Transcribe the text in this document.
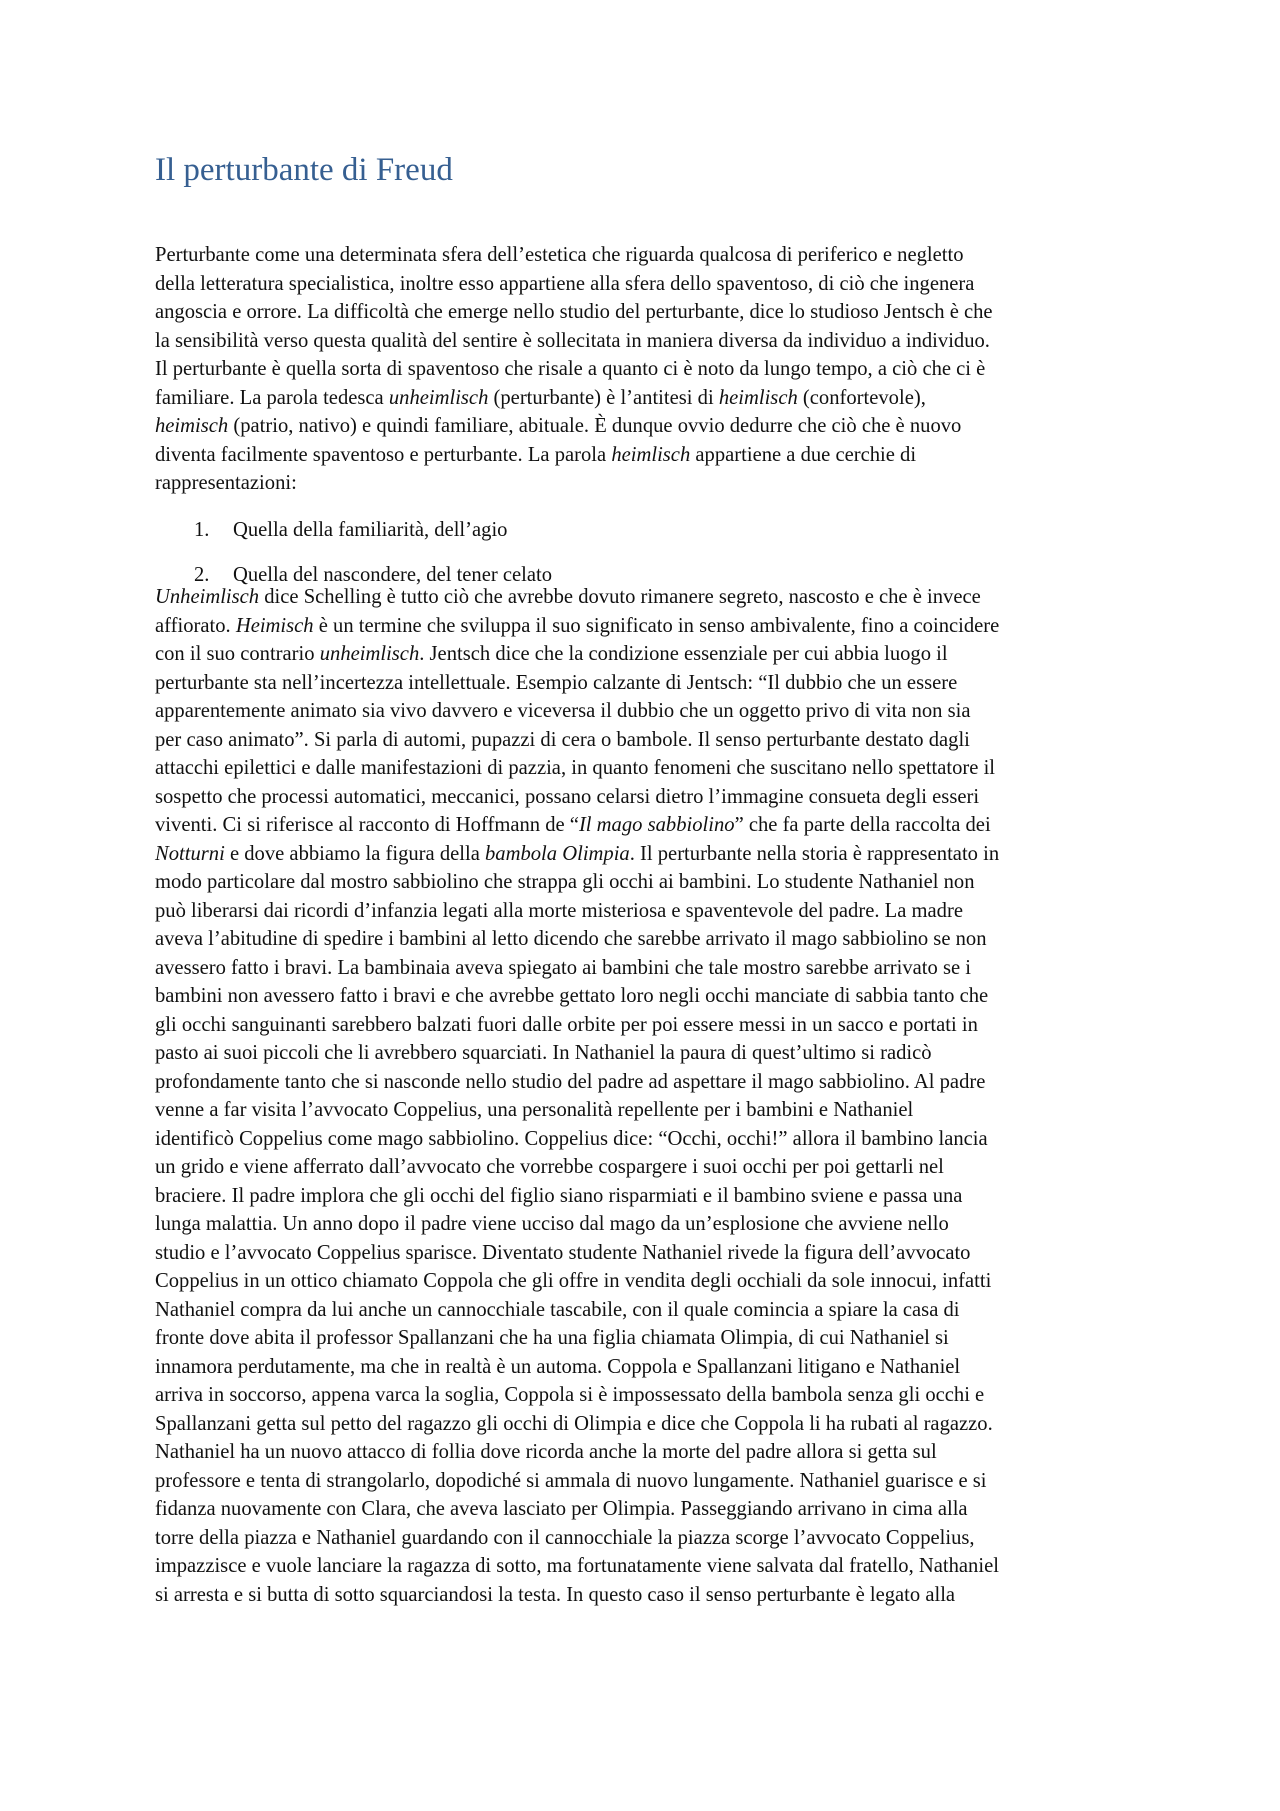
Il perturbante di Freud
Perturbante come una determinata sfera dell’estetica che riguarda qualcosa di periferico e negletto
della letteratura specialistica, inoltre esso appartiene alla sfera dello spaventoso, di ciò che ingenera
angoscia e orrore. La difficoltà che emerge nello studio del perturbante, dice lo studioso Jentsch è che
la sensibilità verso questa qualità del sentire è sollecitata in maniera diversa da individuo a individuo.
Il perturbante è quella sorta di spaventoso che risale a quanto ci è noto da lungo tempo, a ciò che ci è
familiare. La parola tedesca unheimlisch (perturbante) è l’antitesi di heimlisch (confortevole),
heimisch (patrio, nativo) e quindi familiare, abituale. È dunque ovvio dedurre che ciò che è nuovo
diventa facilmente spaventoso e perturbante. La parola heimlisch appartiene a due cerchie di
rappresentazioni:
1. Quella della familiarità, dell’agio
2. Quella del nascondere, del tener celato
Unheimlisch dice Schelling è tutto ciò che avrebbe dovuto rimanere segreto, nascosto e che è invece
affiorato. Heimisch è un termine che sviluppa il suo significato in senso ambivalente, fino a coincidere
con il suo contrario unheimlisch. Jentsch dice che la condizione essenziale per cui abbia luogo il
perturbante sta nell’incertezza intellettuale. Esempio calzante di Jentsch: “Il dubbio che un essere
apparentemente animato sia vivo davvero e viceversa il dubbio che un oggetto privo di vita non sia
per caso animato”. Si parla di automi, pupazzi di cera o bambole. Il senso perturbante destato dagli
attacchi epilettici e dalle manifestazioni di pazzia, in quanto fenomeni che suscitano nello spettatore il
sospetto che processi automatici, meccanici, possano celarsi dietro l’immagine consueta degli esseri
viventi. Ci si riferisce al racconto di Hoffmann de “Il mago sabbiolino” che fa parte della raccolta dei
Notturni e dove abbiamo la figura della bambola Olimpia. Il perturbante nella storia è rappresentato in
modo particolare dal mostro sabbiolino che strappa gli occhi ai bambini. Lo studente Nathaniel non
può liberarsi dai ricordi d’infanzia legati alla morte misteriosa e spaventevole del padre. La madre
aveva l’abitudine di spedire i bambini al letto dicendo che sarebbe arrivato il mago sabbiolino se non
avessero fatto i bravi. La bambinaia aveva spiegato ai bambini che tale mostro sarebbe arrivato se i
bambini non avessero fatto i bravi e che avrebbe gettato loro negli occhi manciate di sabbia tanto che
gli occhi sanguinanti sarebbero balzati fuori dalle orbite per poi essere messi in un sacco e portati in
pasto ai suoi piccoli che li avrebbero squarciati. In Nathaniel la paura di quest’ultimo si radicò
profondamente tanto che si nasconde nello studio del padre ad aspettare il mago sabbiolino. Al padre
venne a far visita l’avvocato Coppelius, una personalità repellente per i bambini e Nathaniel
identificò Coppelius come mago sabbiolino. Coppelius dice: “Occhi, occhi!” allora il bambino lancia
un grido e viene afferrato dall’avvocato che vorrebbe cospargere i suoi occhi per poi gettarli nel
braciere. Il padre implora che gli occhi del figlio siano risparmiati e il bambino sviene e passa una
lunga malattia. Un anno dopo il padre viene ucciso dal mago da un’esplosione che avviene nello
studio e l’avvocato Coppelius sparisce. Diventato studente Nathaniel rivede la figura dell’avvocato
Coppelius in un ottico chiamato Coppola che gli offre in vendita degli occhiali da sole innocui, infatti
Nathaniel compra da lui anche un cannocchiale tascabile, con il quale comincia a spiare la casa di
fronte dove abita il professor Spallanzani che ha una figlia chiamata Olimpia, di cui Nathaniel si
innamora perdutamente, ma che in realtà è un automa. Coppola e Spallanzani litigano e Nathaniel
arriva in soccorso, appena varca la soglia, Coppola si è impossessato della bambola senza gli occhi e
Spallanzani getta sul petto del ragazzo gli occhi di Olimpia e dice che Coppola li ha rubati al ragazzo.
Nathaniel ha un nuovo attacco di follia dove ricorda anche la morte del padre allora si getta sul
professore e tenta di strangolarlo, dopodiché si ammala di nuovo lungamente. Nathaniel guarisce e si
fidanza nuovamente con Clara, che aveva lasciato per Olimpia. Passeggiando arrivano in cima alla
torre della piazza e Nathaniel guardando con il cannocchiale la piazza scorge l’avvocato Coppelius,
impazzisce e vuole lanciare la ragazza di sotto, ma fortunatamente viene salvata dal fratello, Nathaniel
si arresta e si butta di sotto squarciandosi la testa. In questo caso il senso perturbante è legato alla
